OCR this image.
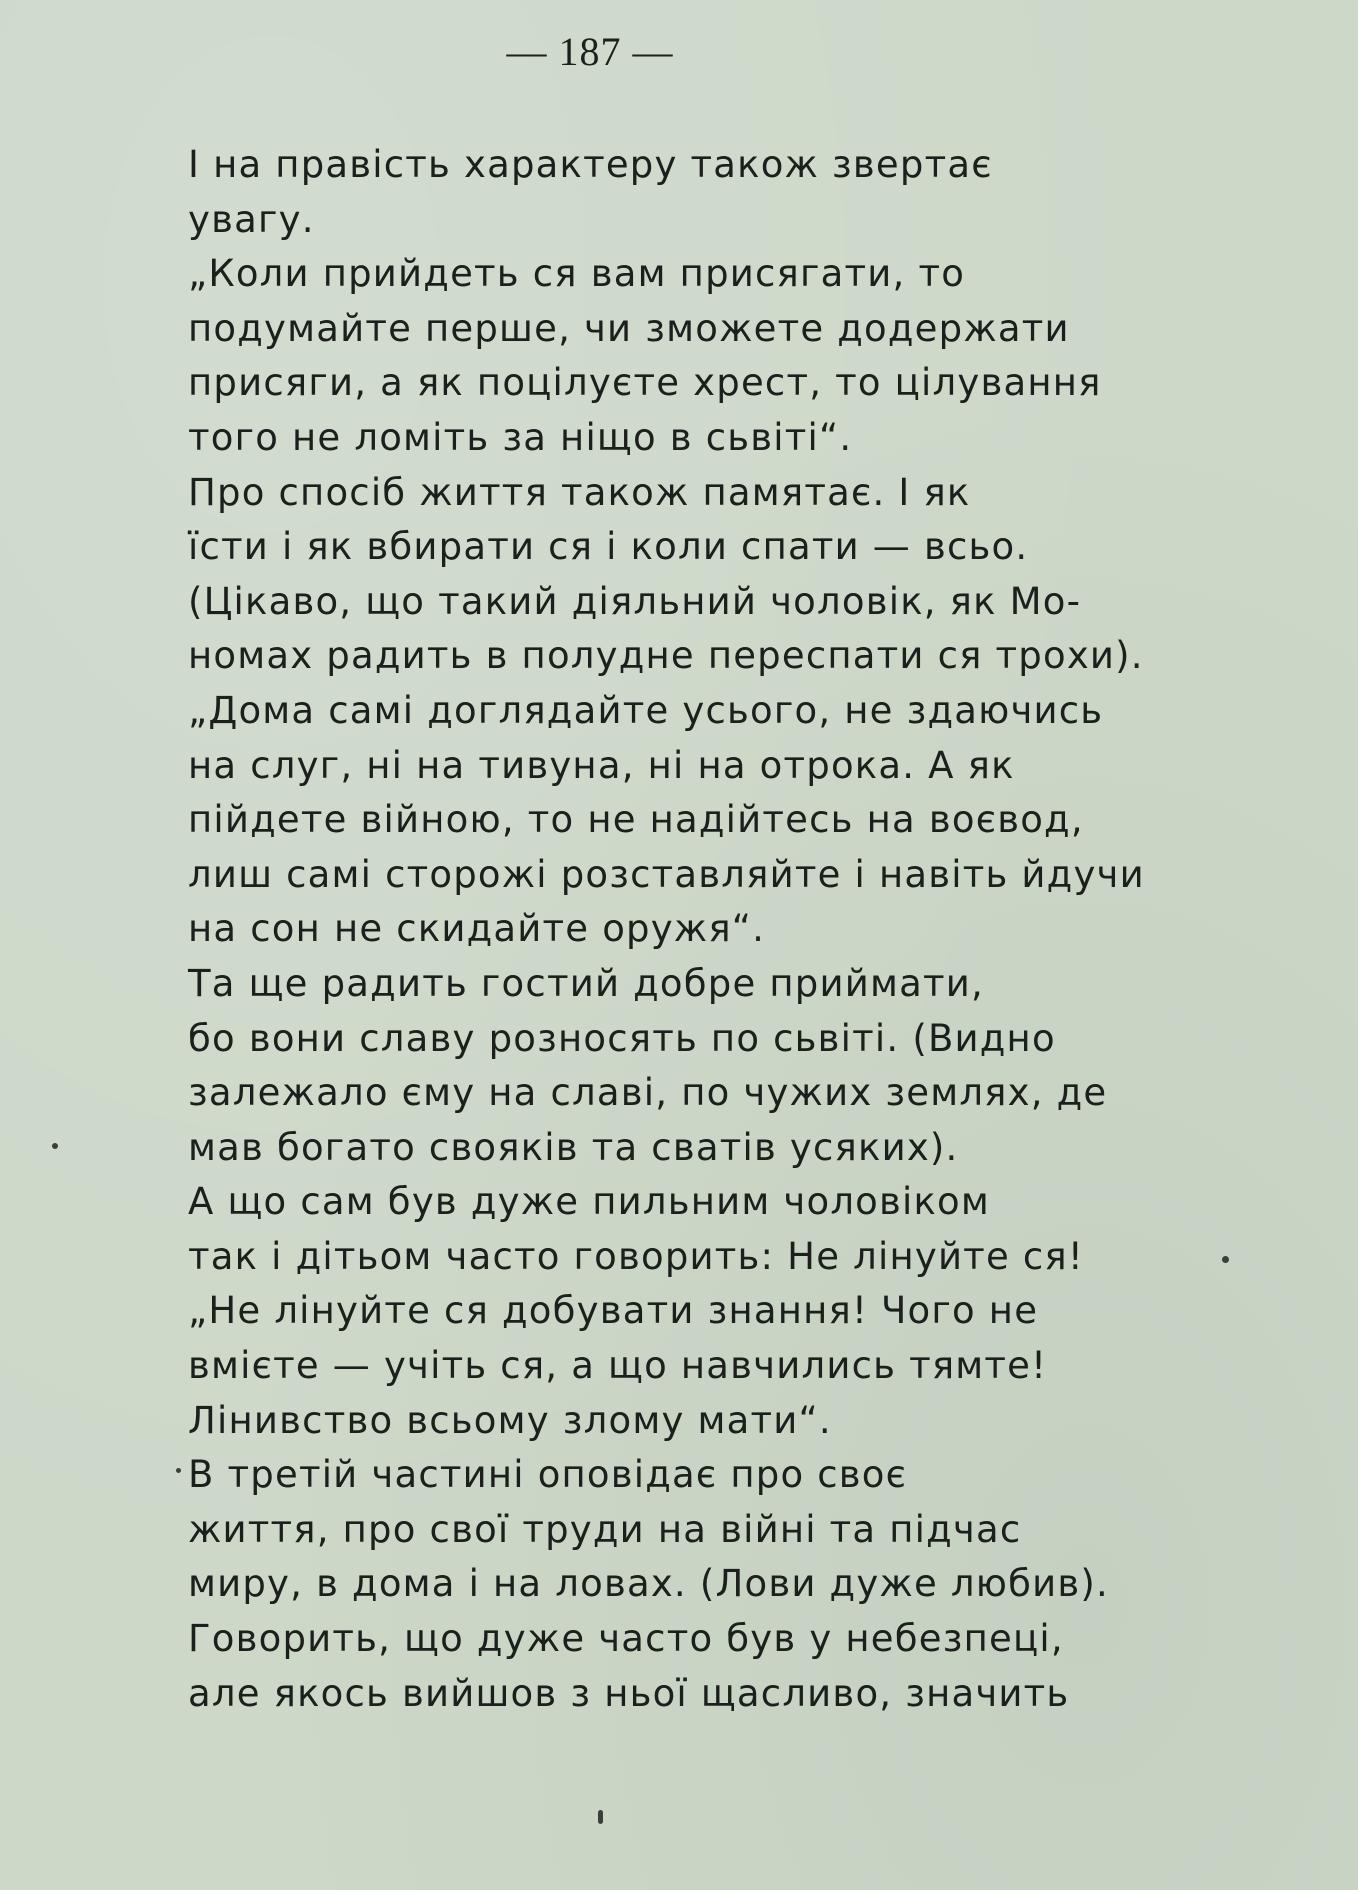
— 187 —

І на правість характеру також звертає
увагу.

„Коли прийдеть ся вам присягати, то
подумайте перше, чи зможете додержати
присяги, а як поцілуєте хрест, то цілування
того не ломіть за ніщо в сьвіті“.

Про спосіб життя також памятає. І як
їсти і як вбирати ся і коли спати — всьо.
(Цікаво, що такий діяльний чоловік, як Мо-
номах радить в полудне переспати ся трохи).
„Дома самі доглядайте усього, не здаючись
на слуг, ні на тивуна, ні на отрока. А як
пійдете війною, то не надійтесь на воєвод,
лиш самі сторожі розставляйте і навіть йдучи
на сон не скидайте оружя“.

Та ще радить гостий добре приймати,
бо вони славу розносять по сьвіті. (Видно
залежало єму на славі, по чужих землях, де
мав богато свояків та сватів усяких).

А що сам був дуже пильним чоловіком
так і дітьом часто говорить: Не лінуйте ся!
„Не лінуйте ся добувати знання! Чого не
вмієте — учіть ся, а що навчились тямте!
Лінивство всьому злому мати“.

В третій частині оповідає про своє
життя, про свої труди на війні та підчас
миру, в дома і на ловах. (Лови дуже любив).
Говорить, що дуже часто був у небезпеці,
але якось вийшов з ньої щасливо, значить
